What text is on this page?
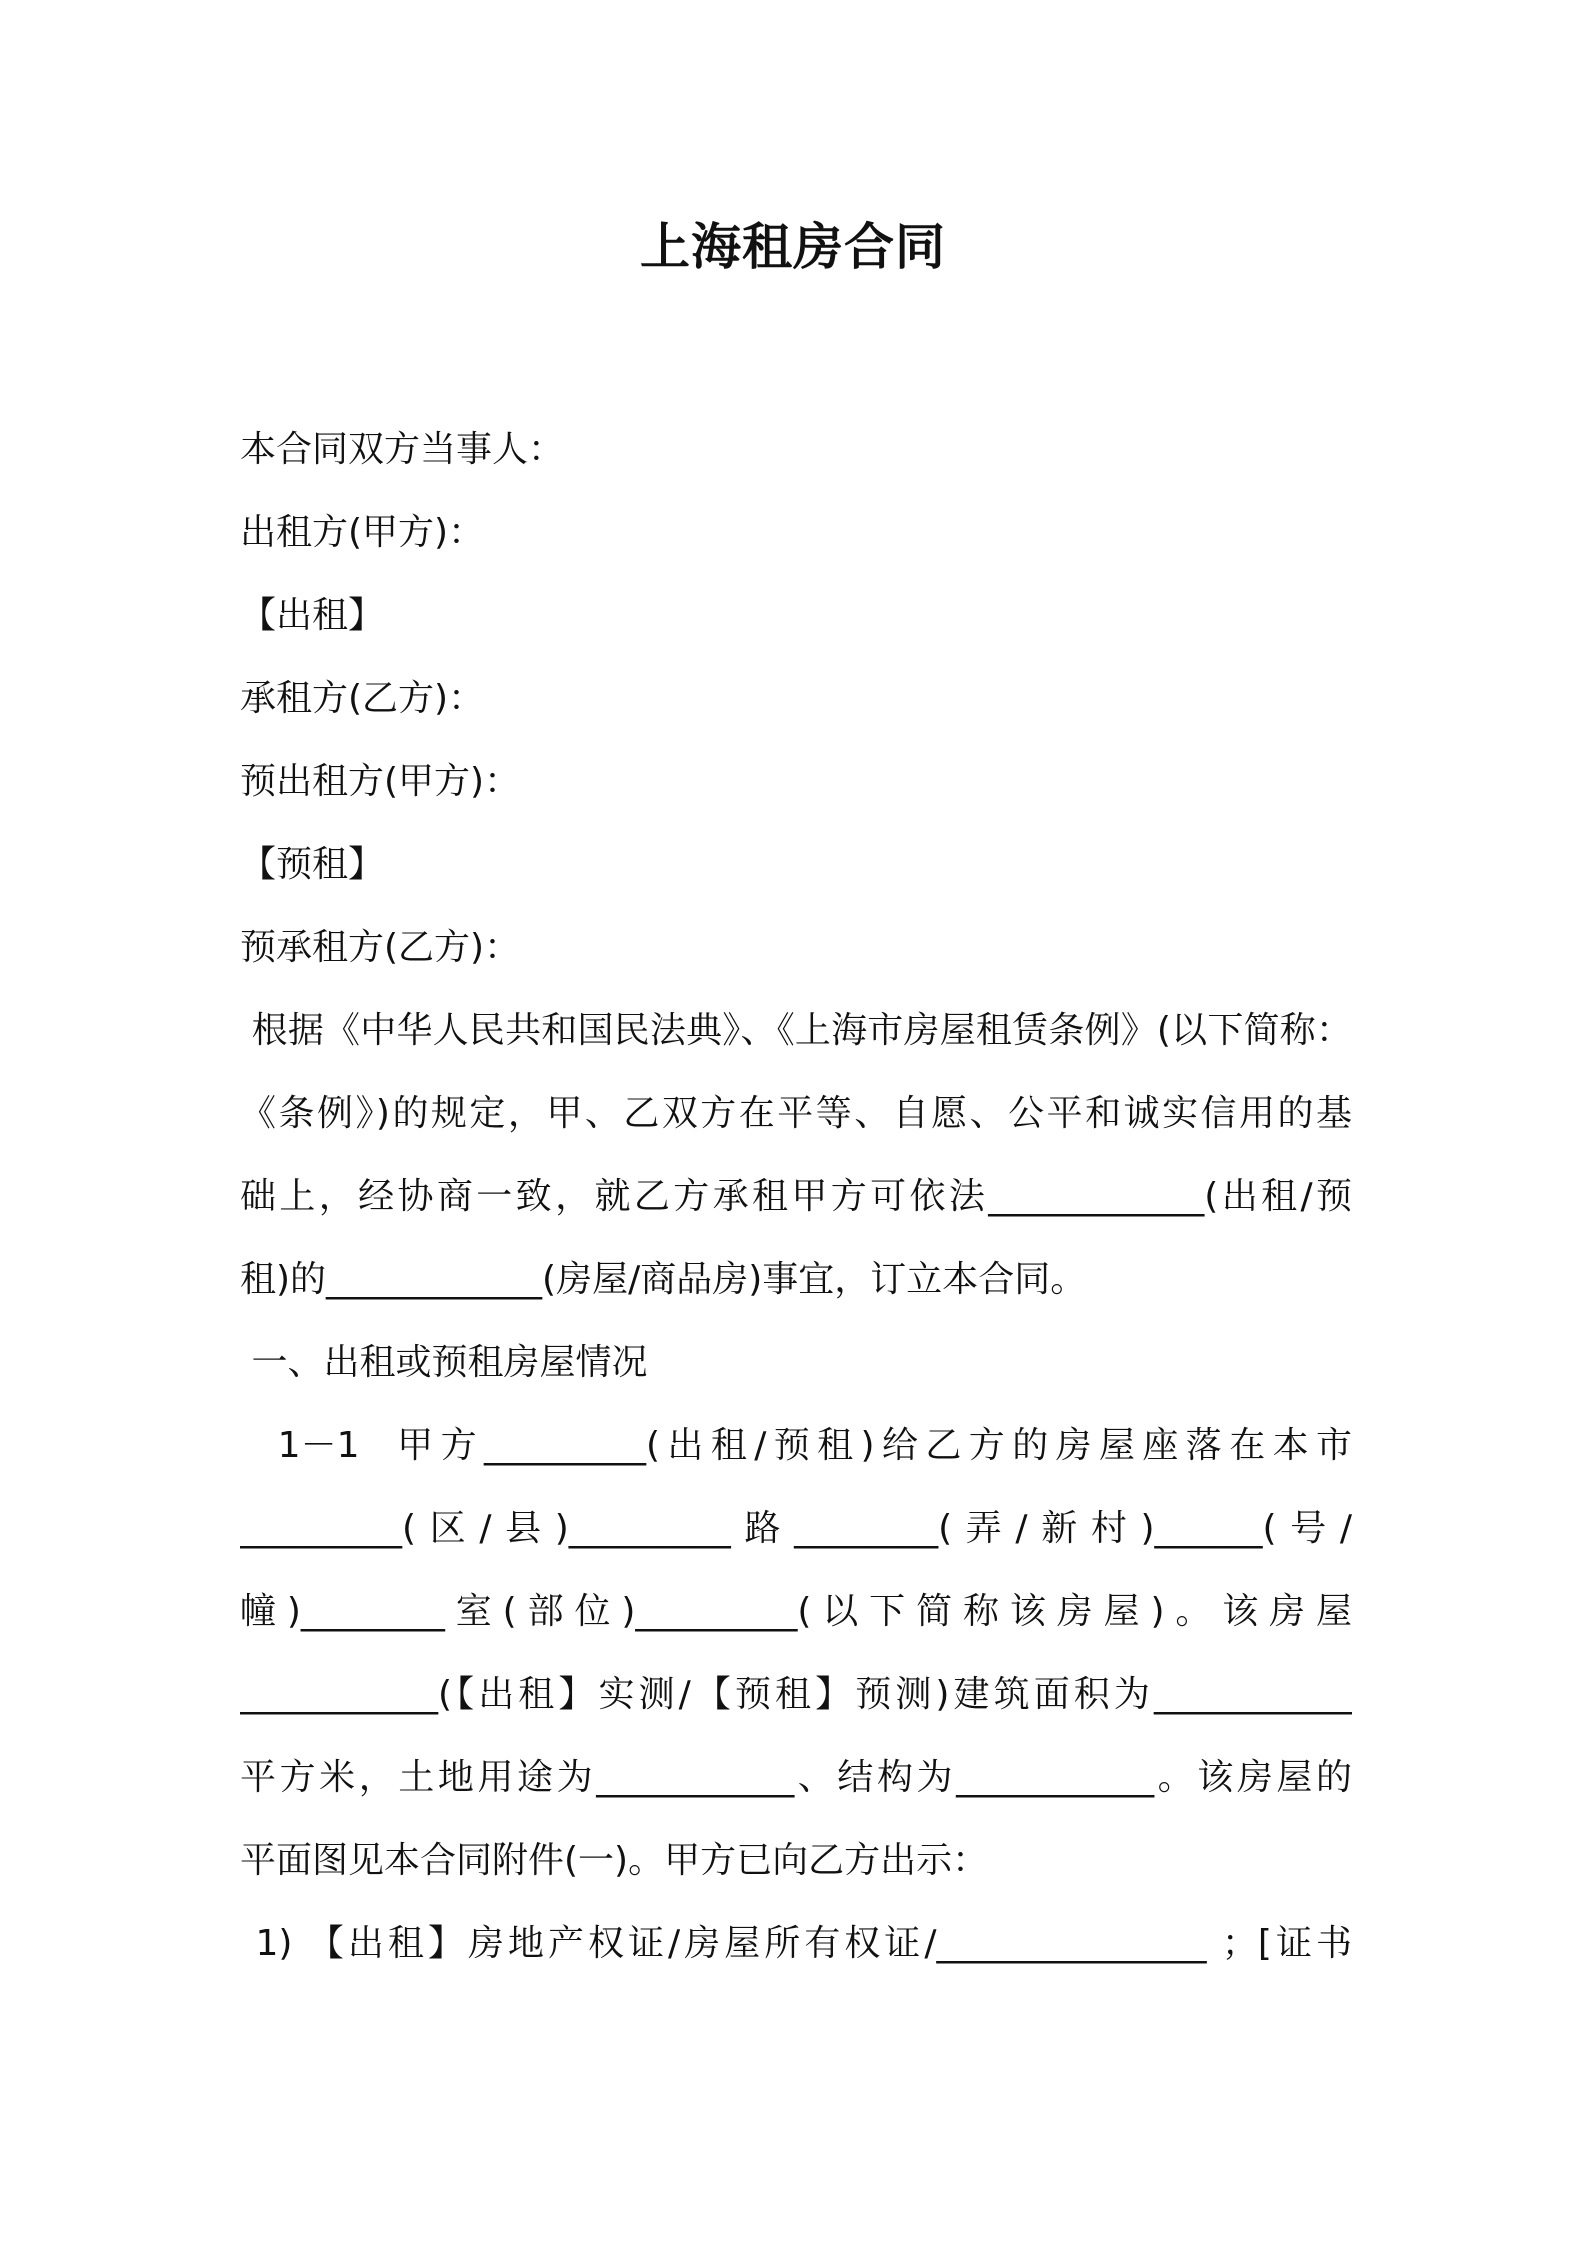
上海租房合同
本合同双方当事人：
出租方(甲方)：
【出租】
承租方(乙方)：
预出租方(甲方)：
【预租】
预承租方(乙方)：
根据《中华人民共和国民法典》、《上海市房屋租赁条例》(以下简称：
《条例》)的规定，甲、乙双方在平等、自愿、公平和诚实信用的基
础上，经协商一致，就乙方承租甲方可依法____________(出租/预
租)的____________(房屋/商品房)事宜，订立本合同。
一、出租或预租房屋情况
1－1  甲方_________(出租/预租)给乙方的房屋座落在本市
_________(区/县)_________路________(弄/新村)______(号/
幢)________室(部位)_________(以下简称该房屋)。该房屋
___________(【出租】实测/【预租】预测)建筑面积为___________
平方米，土地用途为___________、结构为___________。该房屋的
平面图见本合同附件(一)。甲方已向乙方出示：
1) 【出租】房地产权证/房屋所有权证/_______________ ；[证书
